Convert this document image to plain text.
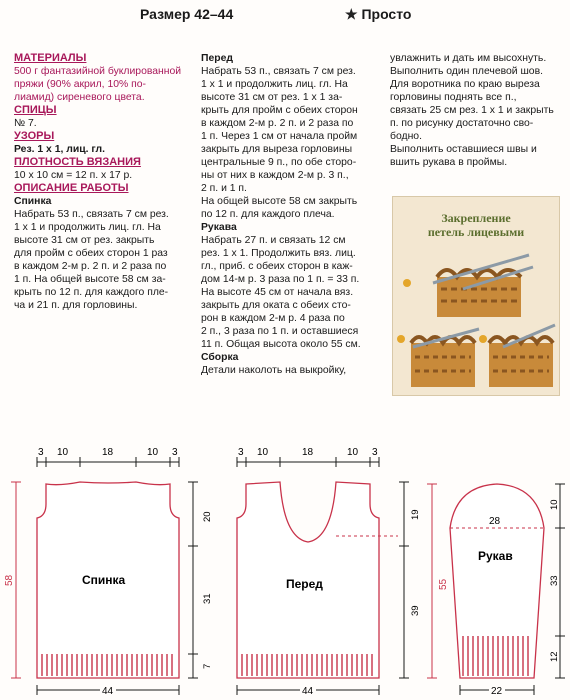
Размер 42–44	★ Просто

МАТЕРИАЛЫ

500 г фантазийной буклированной

пряжи (90% акрил, 10% по-

лиамид) сиреневого цвета.

СПИЦЫ

№ 7.

УЗОРЫ

Рез. 1 х 1, лиц. гл.

ПЛОТНОСТЬ ВЯЗАНИЯ

10 х 10 см = 12 п. х 17 р.

ОПИСАНИЕ РАБОТЫ

Спинка

Набрать 53 п., связать 7 см рез.

1 х 1 и продолжить лиц. гл. На

высоте 31 см от рез. закрыть

для пройм с обеих сторон 1 раз

в каждом 2-м р. 2 п. и 2 раза по

1 п. На общей высоте 58 см за-

крыть по 12 п. для каждого пле-

ча и 21 п. для горловины.

Перед

Набрать 53 п., связать 7 см рез.

1 х 1 и продолжить лиц. гл. На

высоте 31 см от рез. 1 х 1 за-

крыть для пройм с обеих сторон

в каждом 2-м р. 2 п. и 2 раза по

1 п. Через 1 см от начала пройм

закрыть для выреза горловины

центральные 9 п., по обе сторо-

ны от них в каждом 2-м р. 3 п.,

2 п. и 1 п.

На общей высоте 58 см закрыть

по 12 п. для каждого плеча.

Рукава

Набрать 27 п. и связать 12 см

рез. 1 х 1. Продолжить вяз. лиц.

гл., приб. с обеих сторон в каж-

дом 14-м р. 3 раза по 1 п. = 33 п.

На высоте 45 см от начала вяз.

закрыть для оката с обеих сто-

рон в каждом 2-м р. 4 раза по

2 п., 3 раза по 1 п. и оставшиеся

11 п. Общая высота около 55 см.

Сборка

Детали наколоть на выкройку,

увлажнить и дать им высохнуть.

Выполнить один плечевой шов.

Для воротника по краю выреза

горловины поднять все п.,

связать 25 см рез. 1 х 1 и закрыть

п. по рисунку достаточно сво-

бодно.

Выполнить оставшиеся швы и

вшить рукава в проймы.

Закрепление
петель лицевыми
3 10	18	10 3
58	Спинка
20
31
7
44
3 10	18	10 3
Перед
19
39
44
55
28
Рукав
10
33
12
22
